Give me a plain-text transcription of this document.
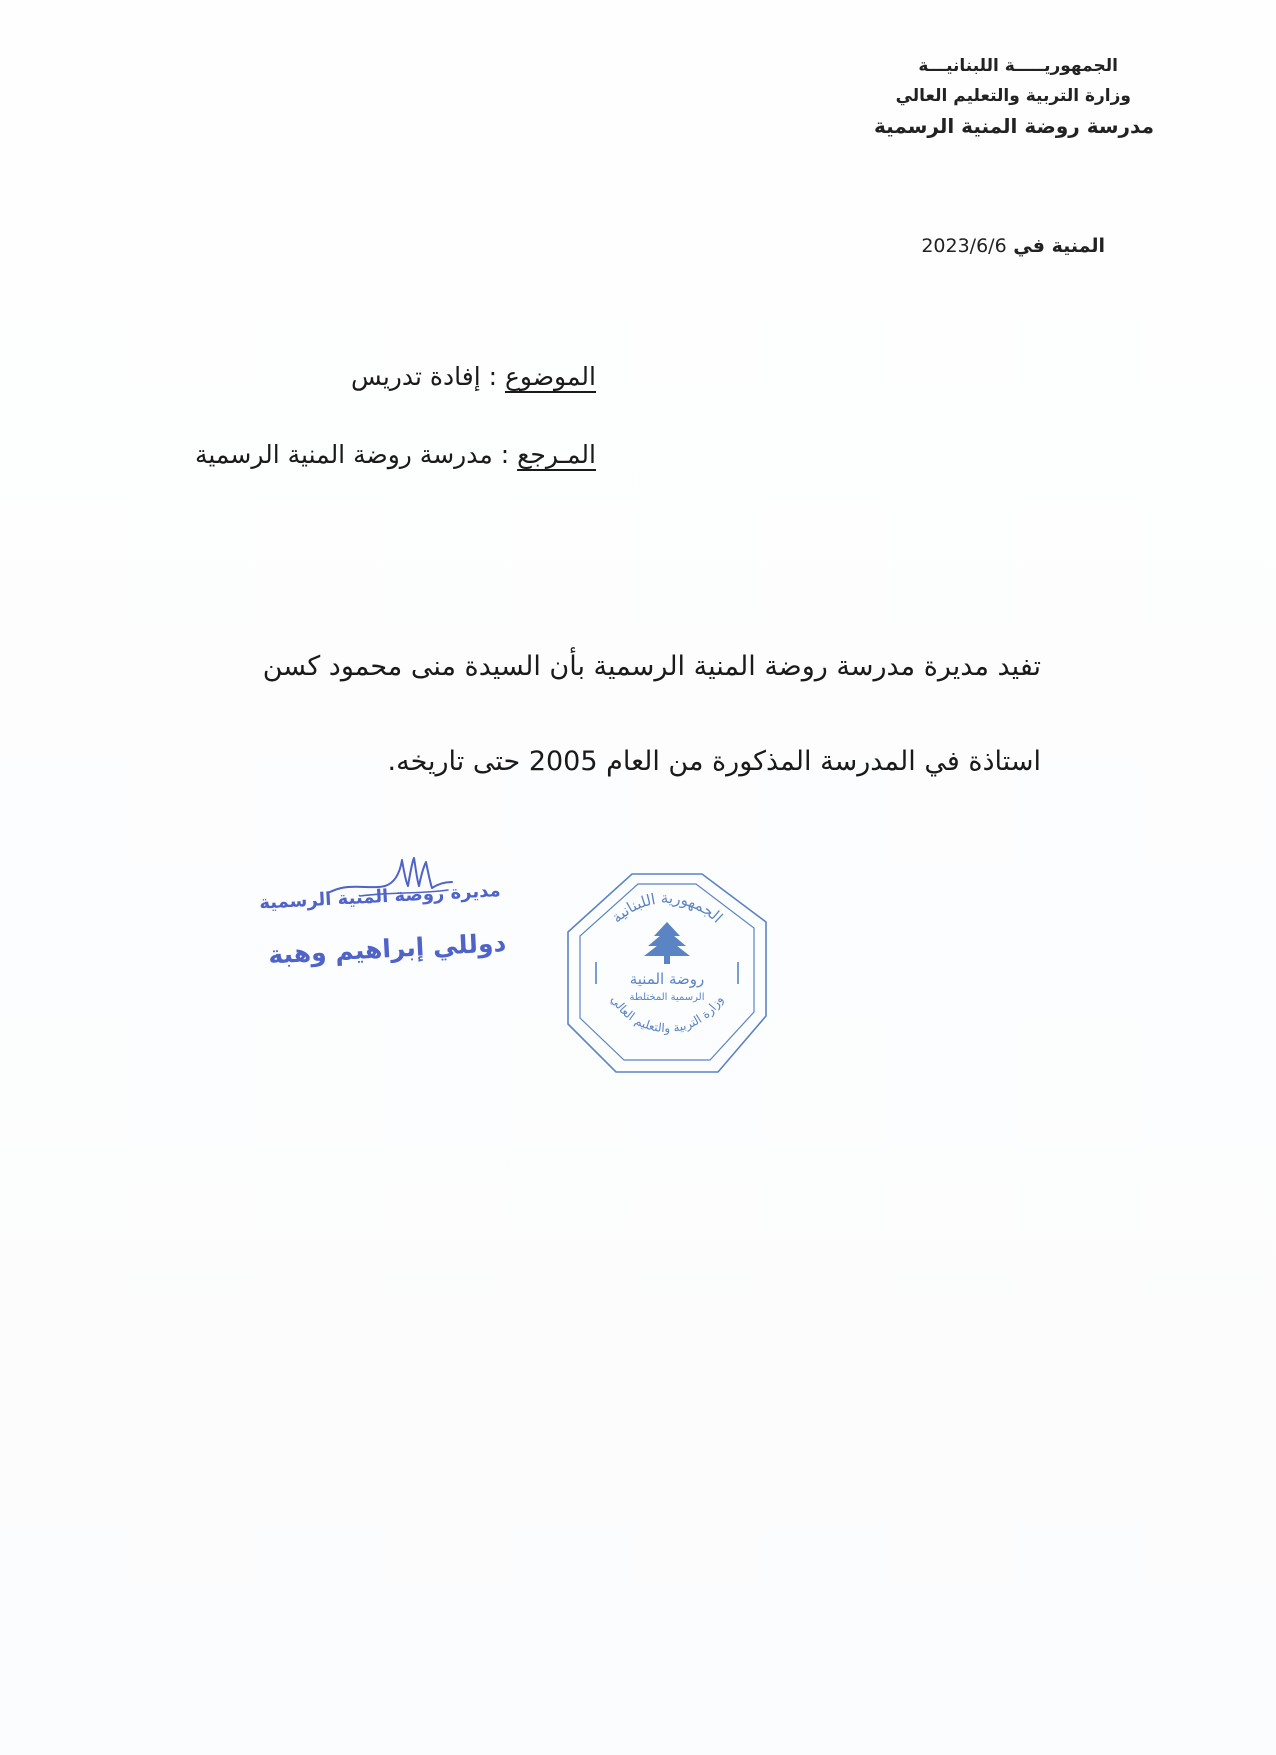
الجمهوريـــــة اللبنانيـــة
وزارة التربية والتعليم العالي
مدرسة روضة المنية الرسمية
المنية في 2023/6/6
الموضوع : إفادة تدريس
المـرجع : مدرسة روضة المنية الرسمية
تفيد مديرة مدرسة روضة المنية الرسمية بأن السيدة منى محمود كسن
استاذة في المدرسة المذكورة من العام 2005 حتى تاريخه.
مديرة روضة المنية الرسمية
دوللي إبراهيم وهبة
الجمهورية اللبنانية
وزارة التربية والتعليم العالي
روضة المنية
الرسمية المختلطة
